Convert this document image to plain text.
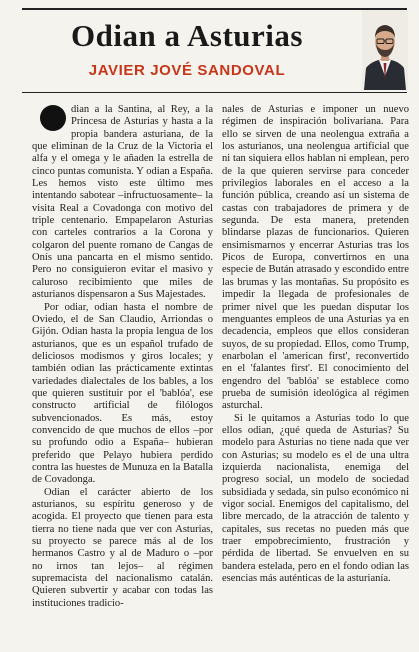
Odian a Asturias
JAVIER JOVÉ SANDOVAL

dian a la Santina, al Rey, a la Princesa de Asturias y hasta a la propia bandera asturiana, de la que eliminan de la Cruz de la Victoria el alfa y el omega y le añaden la estrella de cinco puntas comunista. Y odian a España. Les hemos visto este último mes intentando sabotear –infructuosamente– la visita Real a Covadonga con motivo del triple centenario. Empapelaron Asturias con carteles contrarios a la Corona y colgaron del puente romano de Cangas de Onís una pancarta en el mismo sentido. Pero no consiguieron evitar el masivo y caluroso recibimiento que miles de asturianos dispensaron a Sus Majestades.

Por odiar, odian hasta el nombre de Oviedo, el de San Claudio, Arriondas o Gijón. Odian hasta la propia lengua de los asturianos, que es un español trufado de deliciosos modismos y giros locales; y también odian las prácticamente extintas variedades dialectales de los bables, a los que quieren sustituir por el 'bablóa', ese constructo artificial de filólogos subvencionados. Es más, estoy convencido de que muchos de ellos –por su profundo odio a España– hubieran preferido que Pelayo hubiera perdido contra las huestes de Munuza en la Batalla de Covadonga.

Odian el carácter abierto de los asturianos, su espíritu generoso y de acogida. El proyecto que tienen para esta tierra no tiene nada que ver con Asturias, su proyecto se parece más al de los hermanos Castro y al de Maduro o –por no irnos tan lejos– al régimen supremacista del nacionalismo catalán. Quieren subvertir y acabar con todas las instituciones tradicio-

nales de Asturias e imponer un nuevo régimen de inspiración bolivariana. Para ello se sirven de una neolengua extraña a los asturianos, una neolengua artificial que ni tan siquiera ellos hablan ni emplean, pero de la que quieren servirse para conceder privilegios laborales en el acceso a la función pública, creando así un sistema de castas con trabajadores de primera y de segunda. De esta manera, pretenden blindarse plazas de funcionarios. Quieren ensimismarnos y encerrar Asturias tras los Picos de Europa, convertirnos en una especie de Bután atrasado y escondido entre las brumas y las montañas. Su propósito es impedir la llegada de profesionales de primer nivel que les puedan disputar los menguantes empleos de una Asturias ya en decadencia, empleos que ellos consideran suyos, de su propiedad. Ellos, como Trump, enarbolan el 'american first', reconvertido en el 'falantes first'. El conocimiento del engendro del 'bablóa' se establece como prueba de sumisión ideológica al régimen asturchal.

Si le quitamos a Asturias todo lo que ellos odian, ¿qué queda de Asturias? Su modelo para Asturias no tiene nada que ver con Asturias; su modelo es el de una ultra izquierda nacionalista, enemiga del progreso social, un modelo de sociedad subsidiada y sedada, sin pulso económico ni vigor social. Enemigos del capitalismo, del libre mercado, de la atracción de talento y capitales, sus recetas no pueden más que traer empobrecimiento, frustración y pérdida de libertad. Se envuelven en su bandera estelada, pero en el fondo odian las esencias más auténticas de la asturianía.
